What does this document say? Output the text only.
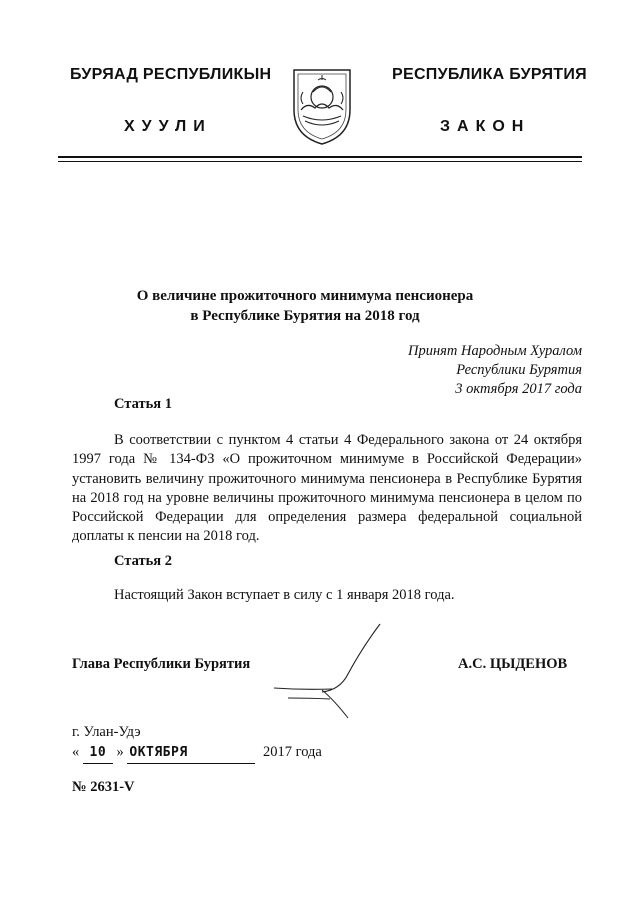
БУРЯАД РЕСПУБЛИКЫН
ХУУЛИ
РЕСПУБЛИКА БУРЯТИЯ
ЗАКОН
О величине прожиточного минимума пенсионера
в Республике Бурятия на 2018 год
Принят Народным Хуралом
Республики Бурятия
3 октября 2017 года
Статья 1
В соответствии с пунктом 4 статьи 4 Федерального закона от 24 октября 1997 года № 134-ФЗ «О прожиточном минимуме в Российской Федерации» установить величину прожиточного минимума пенсионера в Республике Бурятия на 2018 год на уровне величины прожиточного минимума пенсионера в целом по Российской Федерации для определения размера федеральной социальной доплаты к пенсии на 2018 год.
Статья 2
Настоящий Закон вступает в силу с 1 января 2018 года.
Глава Республики Бурятия	А.С. ЦЫДЕНОВ
г. Улан-Удэ
« 10 » ОКТЯБРЯ	2017 года
№ 2631-V
